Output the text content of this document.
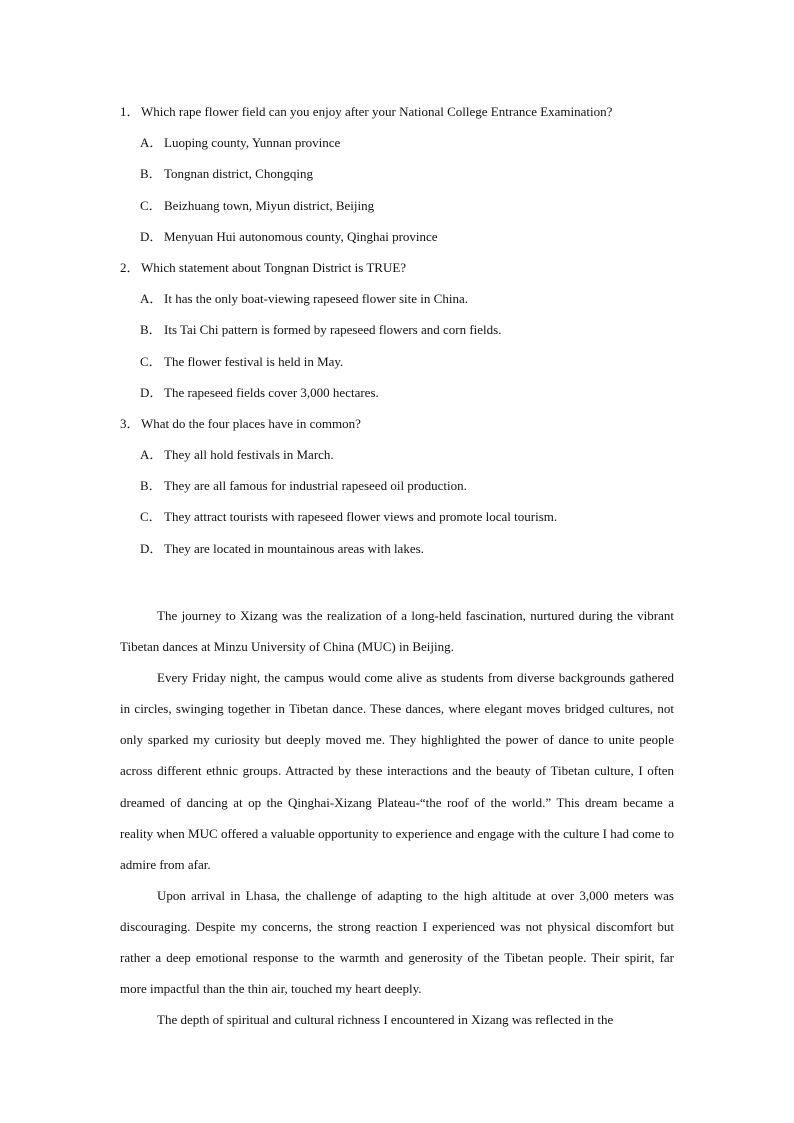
1．Which rape flower field can you enjoy after your National College Entrance Examination?
A． Luoping county, Yunnan province
B． Tongnan district, Chongqing
C． Beizhuang town, Miyun district, Beijing
D． Menyuan Hui autonomous county, Qinghai province
2．Which statement about Tongnan District is TRUE?
A． It has the only boat-viewing rapeseed flower site in China.
B． Its Tai Chi pattern is formed by rapeseed flowers and corn fields.
C． The flower festival is held in May.
D． The rapeseed fields cover 3,000 hectares.
3．What do the four places have in common?
A． They all hold festivals in March.
B． They are all famous for industrial rapeseed oil production.
C． They attract tourists with rapeseed flower views and promote local tourism.
D． They are located in mountainous areas with lakes.

The journey to Xizang was the realization of a long-held fascination, nurtured during the vibrant Tibetan dances at Minzu University of China (MUC) in Beijing.

Every Friday night, the campus would come alive as students from diverse backgrounds gathered in circles, swinging together in Tibetan dance. These dances, where elegant moves bridged cultures, not only sparked my curiosity but deeply moved me. They highlighted the power of dance to unite people across different ethnic groups. Attracted by these interactions and the beauty of Tibetan culture, I often dreamed of dancing at op the Qinghai-Xizang Plateau-“the roof of the world.” This dream became a reality when MUC offered a valuable opportunity to experience and engage with the culture I had come to admire from afar.

Upon arrival in Lhasa, the challenge of adapting to the high altitude at over 3,000 meters was discouraging. Despite my concerns, the strong reaction I experienced was not physical discomfort but rather a deep emotional response to the warmth and generosity of the Tibetan people. Their spirit, far more impactful than the thin air, touched my heart deeply.

The depth of spiritual and cultural richness I encountered in Xizang was reflected in the
